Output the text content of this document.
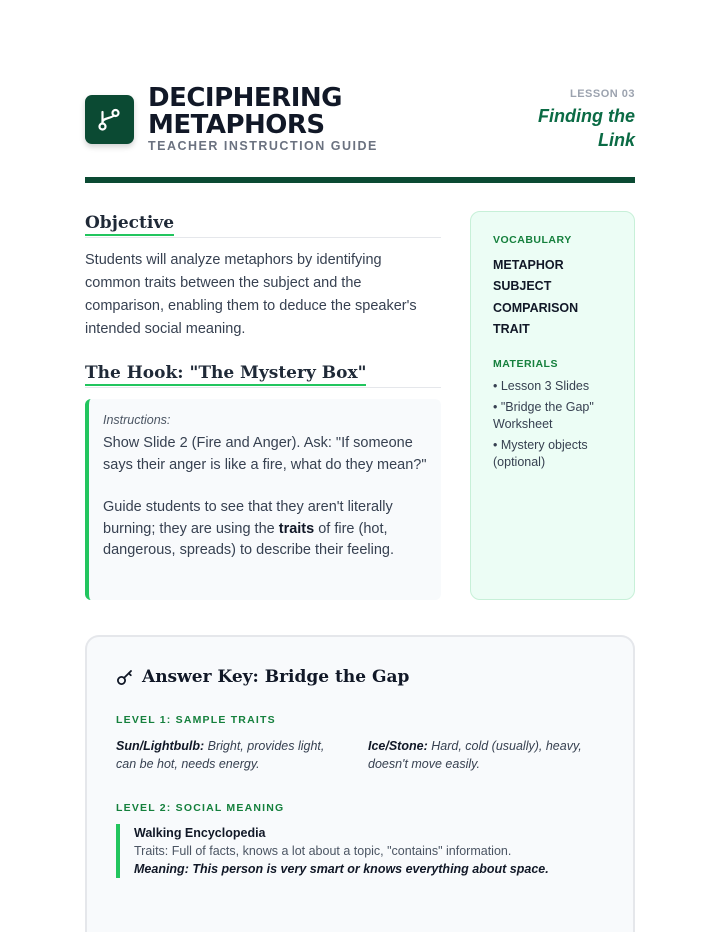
DECIPHERING
METAPHORS
TEACHER INSTRUCTION GUIDE
LESSON 03
Finding the Link
Objective
Students will analyze metaphors by identifying common traits between the subject and the comparison, enabling them to deduce the speaker's intended social meaning.
The Hook: "The Mystery Box"
Instructions:

Show Slide 2 (Fire and Anger). Ask: "If someone says their anger is like a fire, what do they mean?"

Guide students to see that they aren't literally burning; they are using the traits of fire (hot, dangerous, spreads) to describe their feeling.

VOCABULARY
METAPHOR
SUBJECT
COMPARISON
TRAIT
MATERIALS
• Lesson 3 Slides
• "Bridge the Gap" Worksheet
• Mystery objects (optional)
Answer Key: Bridge the Gap
LEVEL 1: SAMPLE TRAITS
Sun/Lightbulb: Bright, provides light, can be hot, needs energy.
Ice/Stone: Hard, cold (usually), heavy, doesn't move easily.
LEVEL 2: SOCIAL MEANING
Walking Encyclopedia
Traits: Full of facts, knows a lot about a topic, "contains" information.
Meaning: This person is very smart or knows everything about space.
